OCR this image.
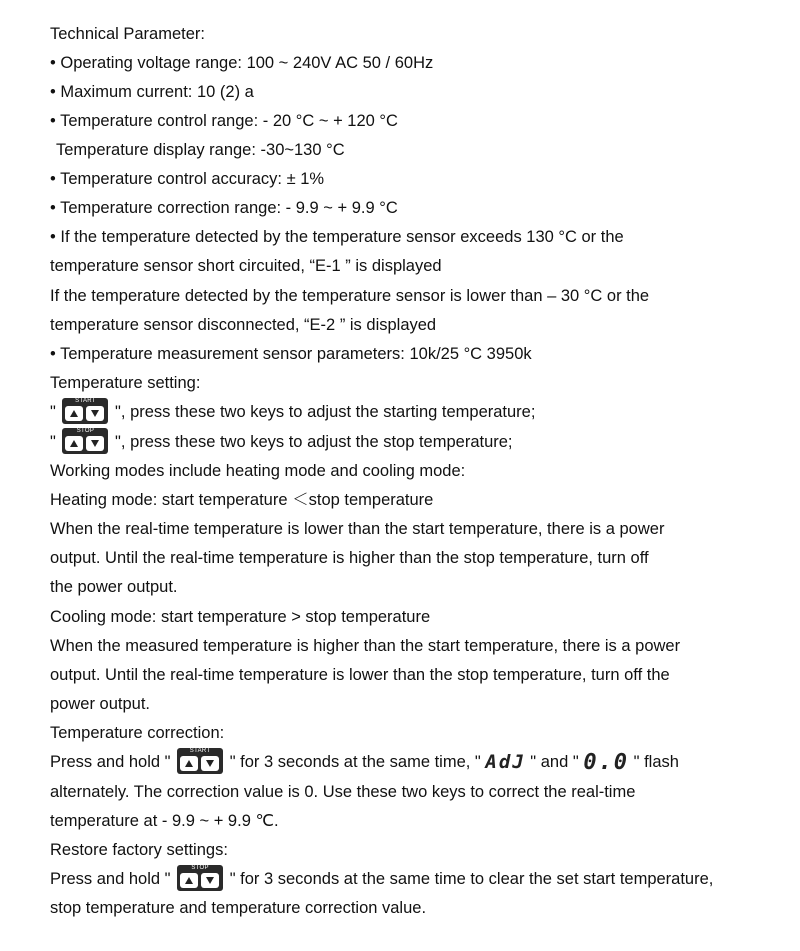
Technical Parameter:
• Operating voltage range: 100 ~ 240V AC 50 / 60Hz
• Maximum current: 10 (2) a
• Temperature control range: - 20 °C ~ + 120 °C
Temperature display range: -30~130 °C
• Temperature control accuracy: ± 1%
• Temperature correction range: - 9.9 ~ + 9.9 °C
• If the temperature detected by the temperature sensor exceeds 130 °C or the
temperature sensor short circuited, “E-1 ” is displayed
If the temperature detected by the temperature sensor is lower than – 30 °C or the
temperature sensor disconnected, “E-2 ” is displayed
• Temperature measurement sensor parameters: 10k/25 °C 3950k
Temperature setting:
"
START
", press these two keys to adjust the starting temperature;
"
STOP
", press these two keys to adjust the stop temperature;
Working modes include heating mode and cooling mode:
Heating mode: start temperature ＜stop temperature
When the real-time temperature is lower than the start temperature, there is a power
output. Until the real-time temperature is higher than the stop temperature, turn off
the power output.
Cooling mode: start temperature > stop temperature
When the measured temperature is higher than the start temperature, there is a power
output. Until the real-time temperature is lower than the stop temperature, turn off the
power output.
Temperature correction:
Press and hold "
START
" for 3 seconds at the same time, " AdJ " and " 0.0 " flash
alternately. The correction value is 0. Use these two keys to correct the real-time
temperature at - 9.9 ~ + 9.9 ℃.
Restore factory settings:
Press and hold "
STOP
" for 3 seconds at the same time to clear the set start temperature,
stop temperature and temperature correction value.
